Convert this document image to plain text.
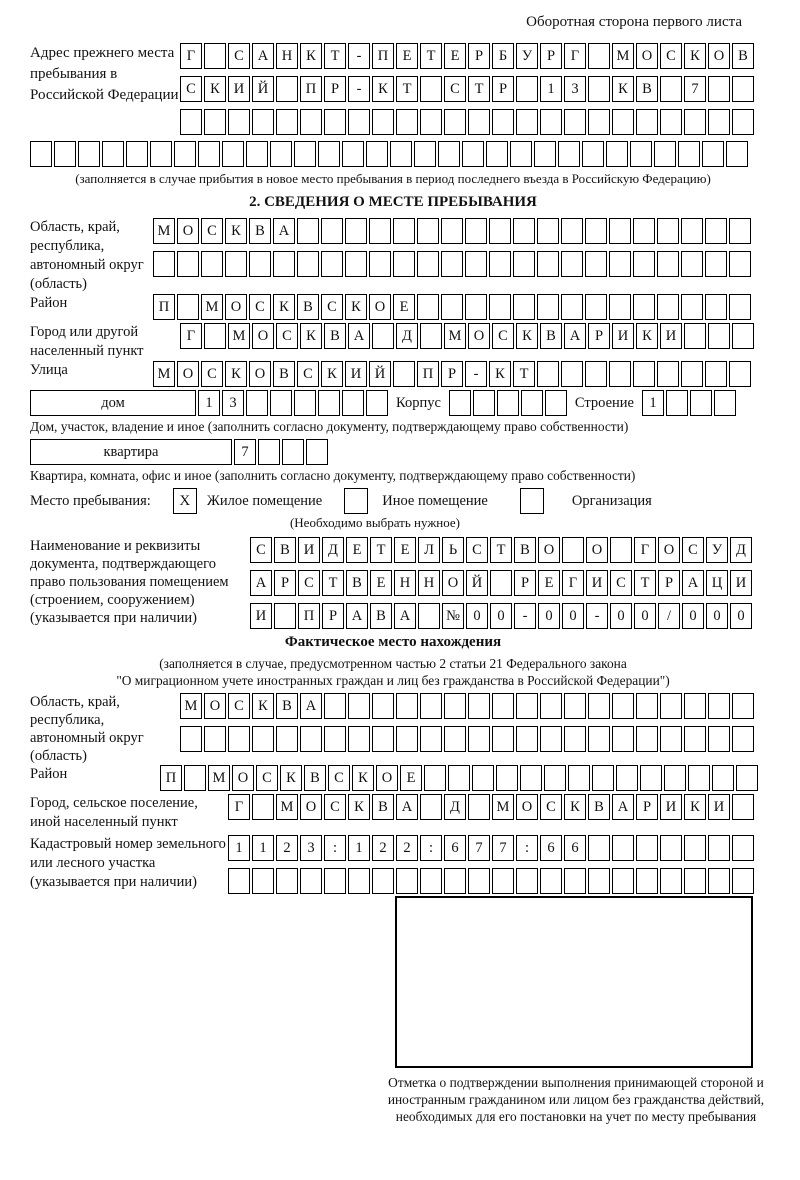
Оборотная сторона первого листа
Адрес прежнего места пребывания в Российской Федерации
Г	С А Н К	Т	-	П Е	Т	Е	Р	Б	У	Р	Г	М О С К О В
С К И Й	П	Р	-	К	Т	С	Т	Р	1	3	К В	7
(заполняется в случае прибытия в новое место пребывания в период последнего въезда в Российскую Федерацию)
2. СВЕДЕНИЯ О МЕСТЕ ПРЕБЫВАНИЯ
Область, край, республика, автономный округ (область)
М О С К В А
Район	П	М О С К В С К О Е
Город или другой населенный пункт
Г	М О С К В А	Д	М О С К В А	Р	И К И
Улица	М О С К О В С К И Й	П	Р	-	К	Т
дом	1	3	Корпус	Строение	1
Дом, участок, владение и иное (заполнить согласно документу, подтверждающему право собственности)
квартира	7
Квартира, комната, офис и иное (заполнить согласно документу, подтверждающему право собственности)
Место пребывания:	Х	Жилое помещение	Иное помещение	Организация
(Необходимо выбрать нужное)
Наименование и реквизиты документа, подтверждающего право пользования помещением (строением, сооружением) (указывается при наличии)
С В И Д	Е	Т	Е	Л	Ь	С	Т	В О	О	Г	О С У Д
А	Р	С	Т	В	Е Н Н О Й	Р	Е	Г	И С	Т	Р	А Ц И
И	П	Р	А В А	№ 0	0	-	0	0	-	0	0	/	0	0	0
Фактическое место нахождения
(заполняется в случае, предусмотренном частью 2 статьи 21 Федерального закона
"О миграционном учете иностранных граждан и лиц без гражданства в Российской Федерации")
Область, край, республика, автономный округ (область)
М О С К В А
Район	П	М О С К В С К О Е
Город, сельское поселение, иной населенный пункт
Г	М О С К В А	Д	М О С К В А	Р	И К И
Кадастровый номер земельного или лесного участка (указывается при наличии)
1	1	2	3	:	1	2	2	:	6	7	7	:	6	6
Отметка о подтверждении выполнения принимающей стороной и иностранным гражданином или лицом без гражданства действий, необходимых для его постановки на учет по месту пребывания
